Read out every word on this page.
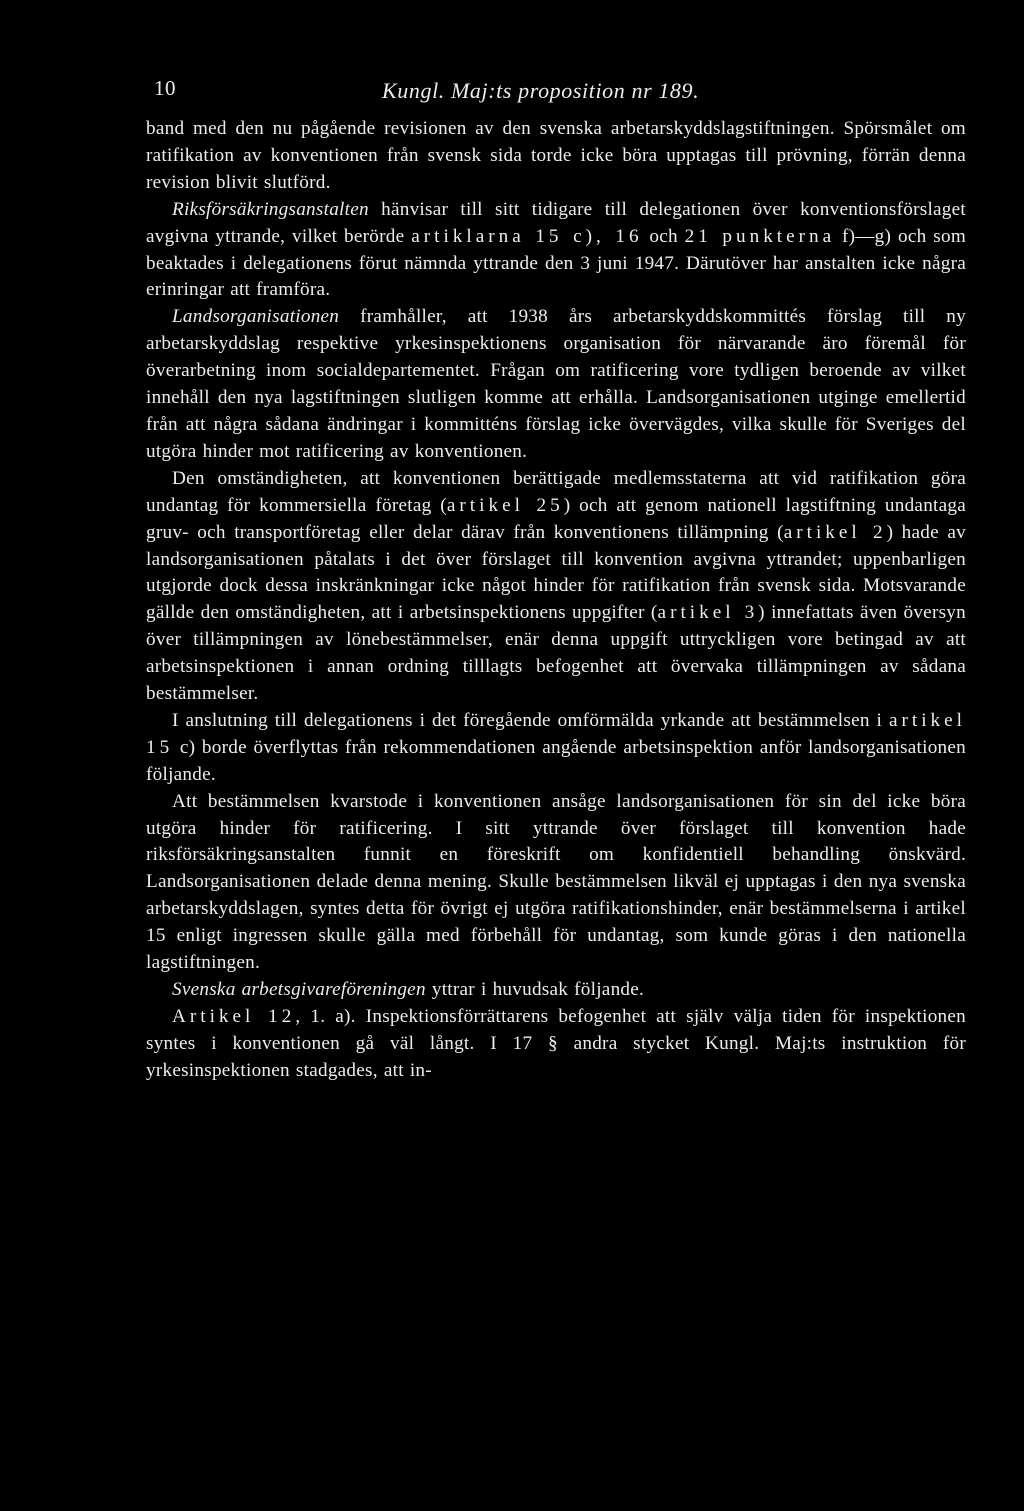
10	Kungl. Maj:ts proposition nr 189.

band med den nu pågående revisionen av den svenska arbetarskyddslagstiftningen. Spörsmålet om ratifikation av konventionen från svensk sida torde icke böra upptagas till prövning, förrän denna revision blivit slutförd.

Riksförsäkringsanstalten hänvisar till sitt tidigare till delegationen över konventionsförslaget avgivna yttrande, vilket berörde artiklarna 15 c), 16 och 21 punkterna f)—g) och som beaktades i delegationens förut nämnda yttrande den 3 juni 1947. Därutöver har anstalten icke några erinringar att framföra.

Landsorganisationen framhåller, att 1938 års arbetarskyddskommittés förslag till ny arbetarskyddslag respektive yrkesinspektionens organisation för närvarande äro föremål för överarbetning inom socialdepartementet. Frågan om ratificering vore tydligen beroende av vilket innehåll den nya lagstiftningen slutligen komme att erhålla. Landsorganisationen utginge emellertid från att några sådana ändringar i kommitténs förslag icke övervägdes, vilka skulle för Sveriges del utgöra hinder mot ratificering av konventionen.

Den omständigheten, att konventionen berättigade medlemsstaterna att vid ratifikation göra undantag för kommersiella företag (artikel 25) och att genom nationell lagstiftning undantaga gruv- och transportföretag eller delar därav från konventionens tillämpning (artikel 2) hade av landsorganisationen påtalats i det över förslaget till konvention avgivna yttrandet; uppenbarligen utgjorde dock dessa inskränkningar icke något hinder för ratifikation från svensk sida. Motsvarande gällde den omständigheten, att i arbetsinspektionens uppgifter (artikel 3) innefattats även översyn över tillämpningen av lönebestämmelser, enär denna uppgift uttryckligen vore betingad av att arbetsinspektionen i annan ordning tilllagts befogenhet att övervaka tillämpningen av sådana bestämmelser.

I anslutning till delegationens i det föregående omförmälda yrkande att bestämmelsen i artikel 15 c) borde överflyttas från rekommendationen angående arbetsinspektion anför landsorganisationen följande.

Att bestämmelsen kvarstode i konventionen ansåge landsorganisationen för sin del icke böra utgöra hinder för ratificering. I sitt yttrande över förslaget till konvention hade riksförsäkringsanstalten funnit en föreskrift om konfidentiell behandling önskvärd. Landsorganisationen delade denna mening. Skulle bestämmelsen likväl ej upptagas i den nya svenska arbetarskyddslagen, syntes detta för övrigt ej utgöra ratifikationshinder, enär bestämmelserna i artikel 15 enligt ingressen skulle gälla med förbehåll för undantag, som kunde göras i den nationella lagstiftningen.

Svenska arbetsgivareföreningen yttrar i huvudsak följande.

Artikel 12, 1. a). Inspektionsförrättarens befogenhet att själv välja tiden för inspektionen syntes i konventionen gå väl långt. I 17 § andra stycket Kungl. Maj:ts instruktion för yrkesinspektionen stadgades, att in-
